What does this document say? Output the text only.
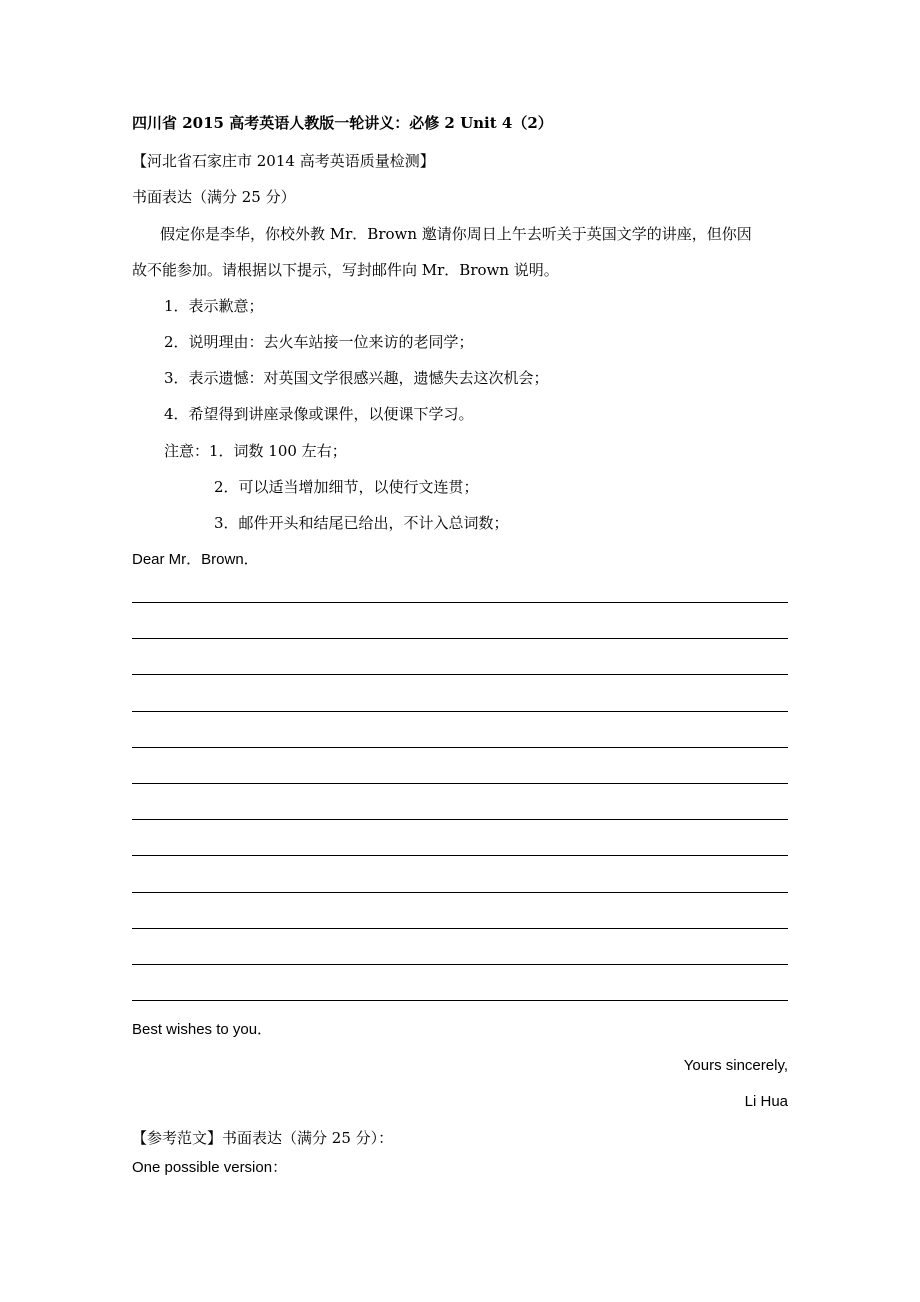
四川省 2015 高考英语人教版一轮讲义：必修 2 Unit 4（2）
【河北省石家庄市 2014 高考英语质量检测】
书面表达（满分 25 分）
假定你是李华，你校外教 Mr．Brown 邀请你周日上午去听关于英国文学的讲座，但你因
故不能参加。请根据以下提示，写封邮件向 Mr．Brown 说明。
1．表示歉意；
2．说明理由：去火车站接一位来访的老同学；
3．表示遗憾：对英国文学很感兴趣，遗憾失去这次机会；
4．希望得到讲座录像或课件，以便课下学习。
注意：1．词数 100 左右；
2．可以适当增加细节，以使行文连贯；
3．邮件开头和结尾已给出，不计入总词数；
Dear Mr．Brown．
Best wishes to you．
Yours sincerely,
Li Hua
【参考范文】书面表达（满分 25 分）：
One possible version：
